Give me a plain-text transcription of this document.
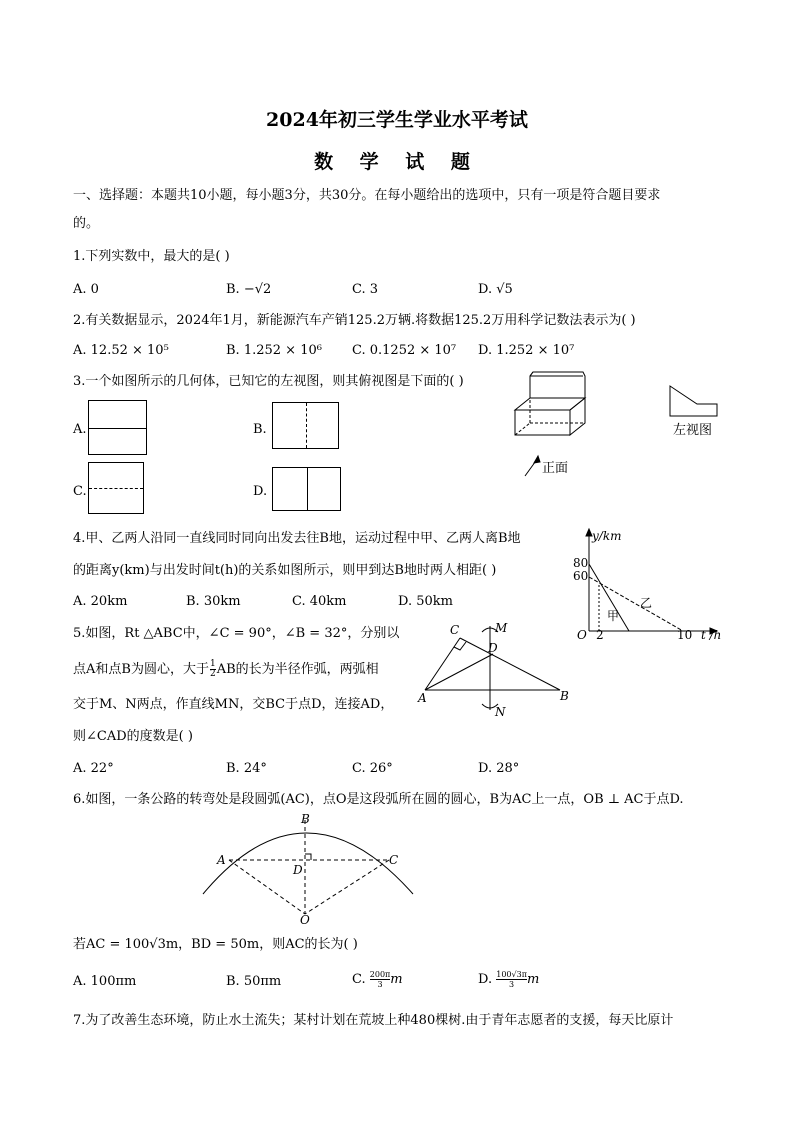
2024年初三学生学业水平考试
数 学 试 题
一、选择题：本题共10小题，每小题3分，共30分。在每小题给出的选项中，只有一项是符合题目要求
的。
1.下列实数中，最大的是( )
A. 0	B. −√2	C. 3	D. √5
2.有关数据显示，2024年1月，新能源汽车产销125.2万辆.将数据125.2万用科学记数法表示为( )
A. 12.52 × 10⁵	B. 1.252 × 10⁶ C. 0.1252 × 10⁷ D. 1.252 × 10⁷
3.一个如图所示的几何体，已知它的左视图，则其俯视图是下面的( )
A.	B.
C.	D.
正面
左视图
4.甲、乙两人沿同一直线同时同向出发去往B地，运动过程中甲、乙两人离B地
的距离y(km)与出发时间t(h)的关系如图所示，则甲到达B地时两人相距( )
A. 20km	B. 30km	C. 40km	D. 50km
y/km
80
60
O 2	10 t /h
甲
乙
5.如图，Rt △ABC中，∠C = 90°，∠B = 32°，分别以
点A和点B为圆心，大于 $\frac{1}{2}$ AB的长为半径作弧，两弧相
交于M、N两点，作直线MN，交BC于点D，连接AD，
则∠CAD的度数是( )
A. 22°	B. 24°	C. 26°	D. 28°
A	B
C
D
M
N
6.如图，一条公路的转弯处是段圆弧(AC)，点O是这段弧所在圆的圆心，B为AC上一点，OB ⊥ AC于点D.
A
B
C
D
O
若AC = 100√3m，BD = 50m，则AC的长为( )
A. 100πm	B. 50πm	C. $\frac{200\pi}{3}$ m	D. $\frac{100√3\pi}{3}$ m
7.为了改善生态环境，防止水土流失；某村计划在荒坡上种480棵树.由于青年志愿者的支援，每天比原计
